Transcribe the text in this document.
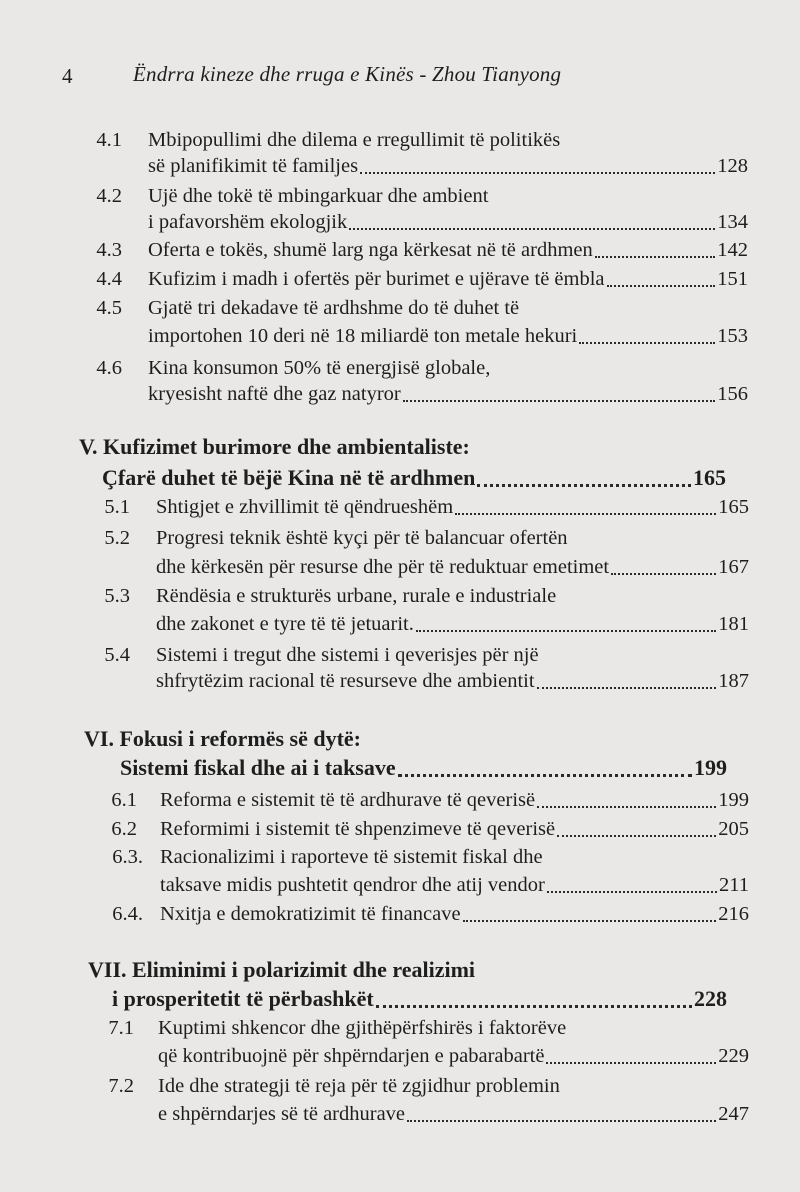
4	Ëndrra kineze dhe rruga e Kinës - Zhou Tianyong
4.1 Mbipopullimi dhe dilema e rregullimit të politikës
së planifikimit të familjes	128
4.2 Ujë dhe tokë të mbingarkuar dhe ambient
i pafavorshëm ekologjik	134
4.3 Oferta e tokës, shumë larg nga kërkesat në të ardhmen	142
4.4 Kufizim i madh i ofertës për burimet e ujërave të ëmbla	151
4.5 Gjatë tri dekadave të ardhshme do të duhet të
importohen 10 deri në 18 miliardë ton metale hekuri	153
4.6 Kina konsumon 50% të energjisë globale,
kryesisht naftë dhe gaz natyror	156
V. Kufizimet burimore dhe ambientaliste:
Çfarë duhet të bëjë Kina në të ardhmen	165
5.1 Shtigjet e zhvillimit të qëndrueshëm	165
5.2 Progresi teknik është kyçi për të balancuar ofertën
dhe kërkesën për resurse dhe për të reduktuar emetimet	167
5.3 Rëndësia e strukturës urbane, rurale e industriale
dhe zakonet e tyre të të jetuarit.	181
5.4 Sistemi i tregut dhe sistemi i qeverisjes për një
shfrytëzim racional të resurseve dhe ambientit	187
VI. Fokusi i reformës së dytë:
Sistemi fiskal dhe ai i taksave	199
6.1 Reforma e sistemit të të ardhurave të qeverisë	199
6.2 Reformimi i sistemit të shpenzimeve të qeverisë	205
6.3. Racionalizimi i raporteve të sistemit fiskal dhe
taksave midis pushtetit qendror dhe atij vendor	211
6.4. Nxitja e demokratizimit të financave	216
VII. Eliminimi i polarizimit dhe realizimi
i prosperitetit të përbashkët	228
7.1 Kuptimi shkencor dhe gjithëpërfshirës i faktorëve
që kontribuojnë për shpërndarjen e pabarabartë	229
7.2 Ide dhe strategji të reja për të zgjidhur problemin
e shpërndarjes së të ardhurave	247
